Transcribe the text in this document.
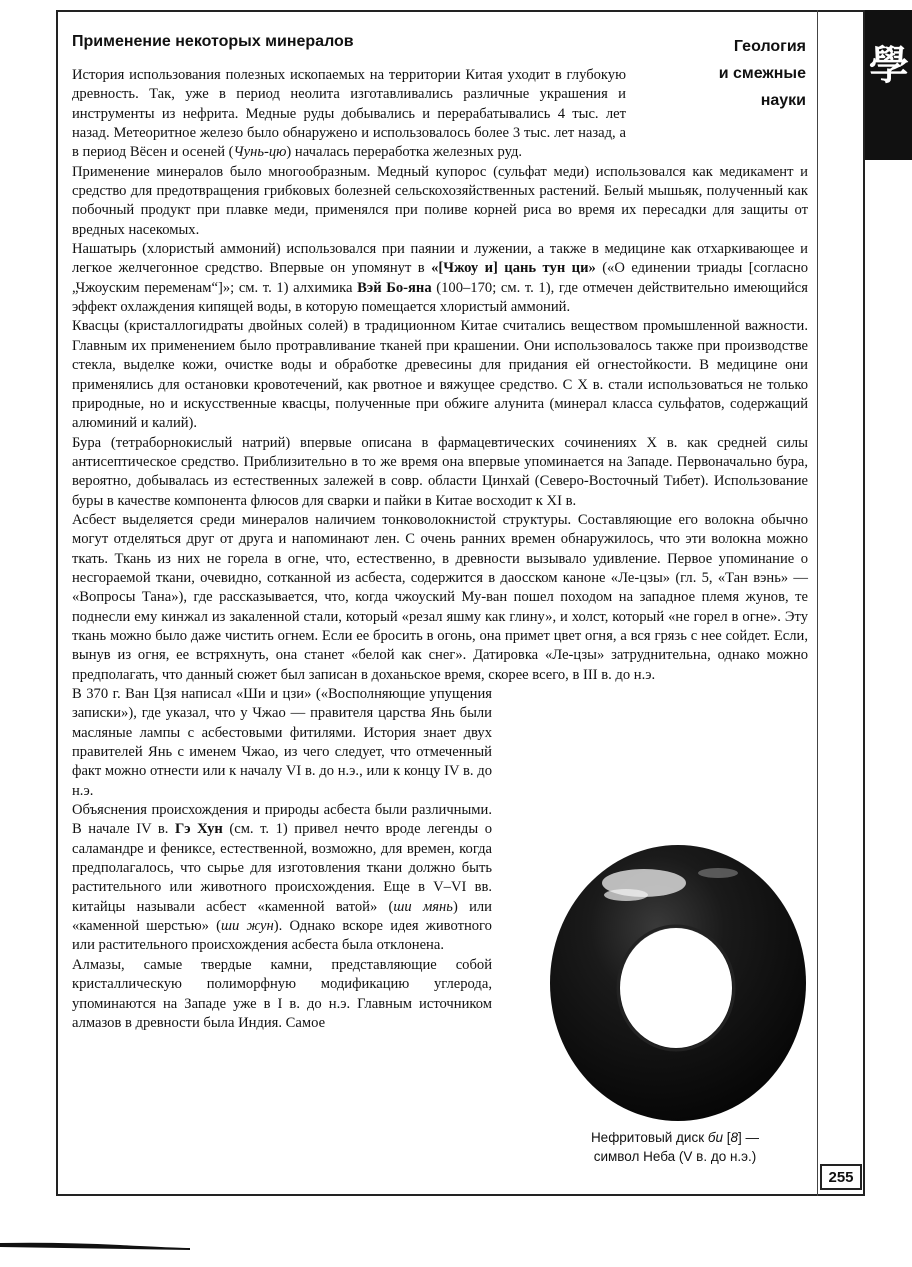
學
Применение некоторых минералов	Геология
и смежные
науки

История использования полезных ископаемых на территории Китая уходит в глубокую древность. Так, уже в период неолита изготавливались различные украшения и инструменты из нефрита. Медные руды добывались и перерабатывались 4 тыс. лет назад. Метеоритное железо было обнаружено и использовалось более 3 тыс. лет назад, а в период Вёсен и осеней (Чунь-цю) началась переработка железных руд.

Применение минералов было многообразным. Медный купорос (сульфат меди) использовался как медикамент и средство для предотвращения грибковых болезней сельскохозяйственных растений. Белый мышьяк, полученный как побочный продукт при плавке меди, применялся при поливе корней риса во время их пересадки для защиты от вредных насекомых.

Нашатырь (хлористый аммоний) использовался при паянии и лужении, а также в медицине как отхаркивающее и легкое желчегонное средство. Впервые он упомянут в «[Чжоу и] цань тун ци» («О единении триады [согласно „Чжоуским переменам“]»; см. т. 1) алхимика Вэй Бо-яна (100–170; см. т. 1), где отмечен действительно имеющийся эффект охлаждения кипящей воды, в которую помещается хлористый аммоний.

Квасцы (кристаллогидраты двойных солей) в традиционном Китае считались веществом промышленной важности. Главным их применением было протравливание тканей при крашении. Они использовалось также при производстве стекла, выделке кожи, очистке воды и обработке древесины для придания ей огнестойкости. В медицине они применялись для остановки кровотечений, как рвотное и вяжущее средство. С X в. стали использоваться не только природные, но и искусственные квасцы, полученные при обжиге алунита (минерал класса сульфатов, содержащий алюминий и калий).

Бура (тетраборнокислый натрий) впервые описана в фармацевтических сочинениях X в. как средней силы антисептическое средство. Приблизительно в то же время она впервые упоминается на Западе. Первоначально бура, вероятно, добывалась из естественных залежей в совр. области Цинхай (Северо-Восточный Тибет). Использование буры в качестве компонента флюсов для сварки и пайки в Китае восходит к XI в.

Асбест выделяется среди минералов наличием тонковолокнистой структуры. Составляющие его волокна обычно могут отделяться друг от друга и напоминают лен. С очень ранних времен обнаружилось, что эти волокна можно ткать. Ткань из них не горела в огне, что, естественно, в древности вызывало удивление. Первое упоминание о несгораемой ткани, очевидно, сотканной из асбеста, содержится в даосском каноне «Ле-цзы» (гл. 5, «Тан вэнь» — «Вопросы Тана»), где рассказывается, что, когда чжоуский Му-ван пошел походом на западное племя жунов, те поднесли ему кинжал из закаленной стали, который «резал яшму как глину», и холст, который «не горел в огне». Эту ткань можно было даже чистить огнем. Если ее бросить в огонь, она примет цвет огня, а вся грязь с нее сойдет. Если, вынув из огня, ее встряхнуть, она станет «белой как снег». Датировка «Ле-цзы» затруднительна, однако можно предполагать, что данный сюжет был записан в доханьское время, скорее всего, в III в. до н.э.

В 370 г. Ван Цзя написал «Ши и цзи» («Восполняющие упущения записки»), где указал, что у Чжао — правителя царства Янь были масляные лампы с асбестовыми фитилями. История знает двух правителей Янь с именем Чжао, из чего следует, что отмеченный факт можно отнести или к началу VI в. до н.э., или к концу IV в. до н.э.

Объяснения происхождения и природы асбеста были различными. В начале IV в. Гэ Хун (см. т. 1) привел нечто вроде легенды о саламандре и фениксе, естественной, возможно, для времен, когда предполагалось, что сырье для изготовления ткани должно быть растительного или животного происхождения. Еще в V–VI вв. китайцы называли асбест «каменной ватой» (ши мянь) или «каменной шерстью» (ши жун). Однако вскоре идея животного или растительного происхождения асбеста была отклонена.

Алмазы, самые твердые камни, представляющие собой кристаллическую полиморфную модификацию углерода, упоминаются на Западе уже в I в. до н.э. Главным источником алмазов в древности была Индия. Самое

Нефритовый диск би [8] —
символ Неба (V в. до н.э.)
255
